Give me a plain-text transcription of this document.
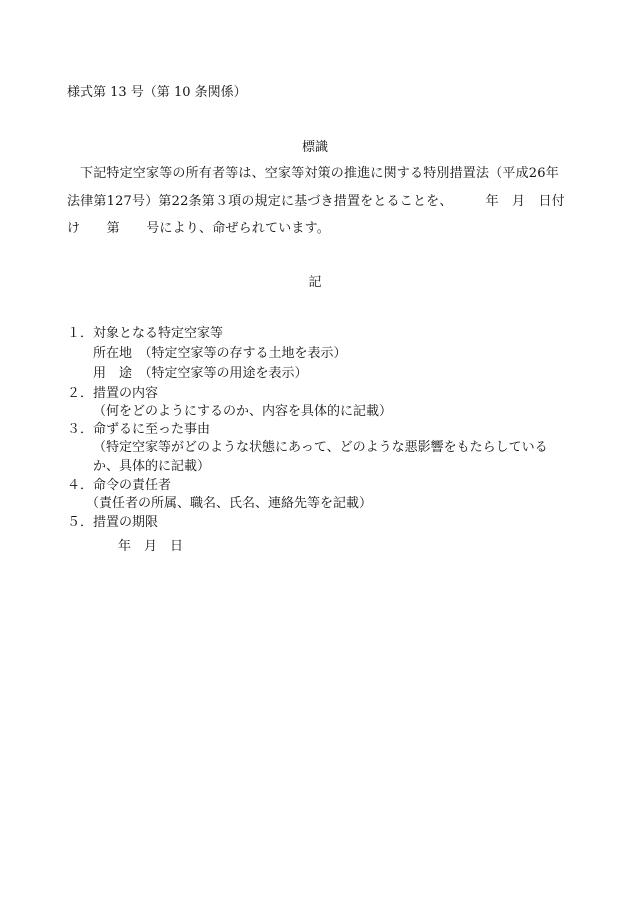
様式第 13 号（第 10 条関係）
標識
下記特定空家等の所有者等は、空家等対策の推進に関する特別措置法（平成26年
法律第127号）第22条第３項の規定に基づき措置をとることを、　　　年　月　日付
け　　第　　号により、命ぜられています。
記
１．対象となる特定空家等
所在地　（特定空家等の存する土地を表示）
用　途　（特定空家等の用途を表示）
２．措置の内容
（何をどのようにするのか、内容を具体的に記載）
３．命ずるに至った事由
（特定空家等がどのような状態にあって、どのような悪影響をもたらしている
か、具体的に記載）
４．命令の責任者
（責任者の所属、職名、氏名、連絡先等を記載）
５．措置の期限
年　月　日
